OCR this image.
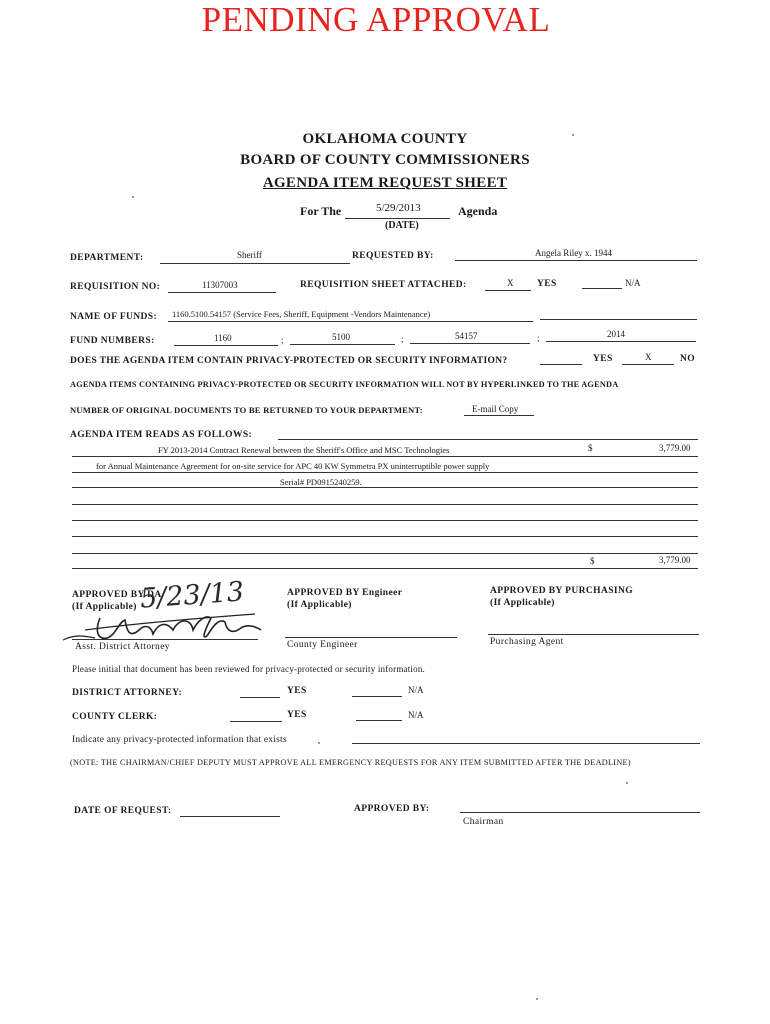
PENDING APPROVAL
OKLAHOMA COUNTY
BOARD OF COUNTY COMMISSIONERS
AGENDA ITEM REQUEST SHEET
For The	5/29/2013	Agenda
(DATE)
DEPARTMENT:	Sheriff	REQUESTED BY:	Angela Riley x. 1944
REQUISITION NO:	11307003	REQUISITION SHEET ATTACHED:	X YES	N/A
NAME OF FUNDS: 1160.5100.54157 (Service Fees, Sheriff, Equipment -Vendors Maintenance)
FUND NUMBERS:	1160	;	5100	;	54157	;	2014
DOES THE AGENDA ITEM CONTAIN PRIVACY-PROTECTED OR SECURITY INFORMATION?	YES	X	NO
AGENDA ITEMS CONTAINING PRIVACY-PROTECTED OR SECURITY INFORMATION WILL NOT BY HYPERLINKED TO THE AGENDA
NUMBER OF ORIGINAL DOCUMENTS TO BE RETURNED TO YOUR DEPARTMENT:	E-mail Copy
AGENDA ITEM READS AS FOLLOWS:
FY 2013-2014 Contract Renewal between the Sheriff's Office and MSC Technologies	$	3,779.00
for Annual Maintenance Agreement for on-site service for APC 40 KW Symmetra PX uninterruptible power supply
Serial# PD0915240259.
$	3,779.00
APPROVED BY DA
(If Applicable)
APPROVED BY Engineer
(If Applicable)
APPROVED BY PURCHASING
(If Applicable)
5/23/13
Asst. District Attorney	County Engineer	Purchasing Agent
Please initial that document has been reviewed for privacy-protected or security information.
DISTRICT ATTORNEY:	YES	N/A
COUNTY CLERK:	YES	N/A
Indicate any privacy-protected information that exists
(NOTE: THE CHAIRMAN/CHIEF DEPUTY MUST APPROVE ALL EMERGENCY REQUESTS FOR ANY ITEM SUBMITTED AFTER THE DEADLINE)
DATE OF REQUEST:	APPROVED BY:
Chairman
